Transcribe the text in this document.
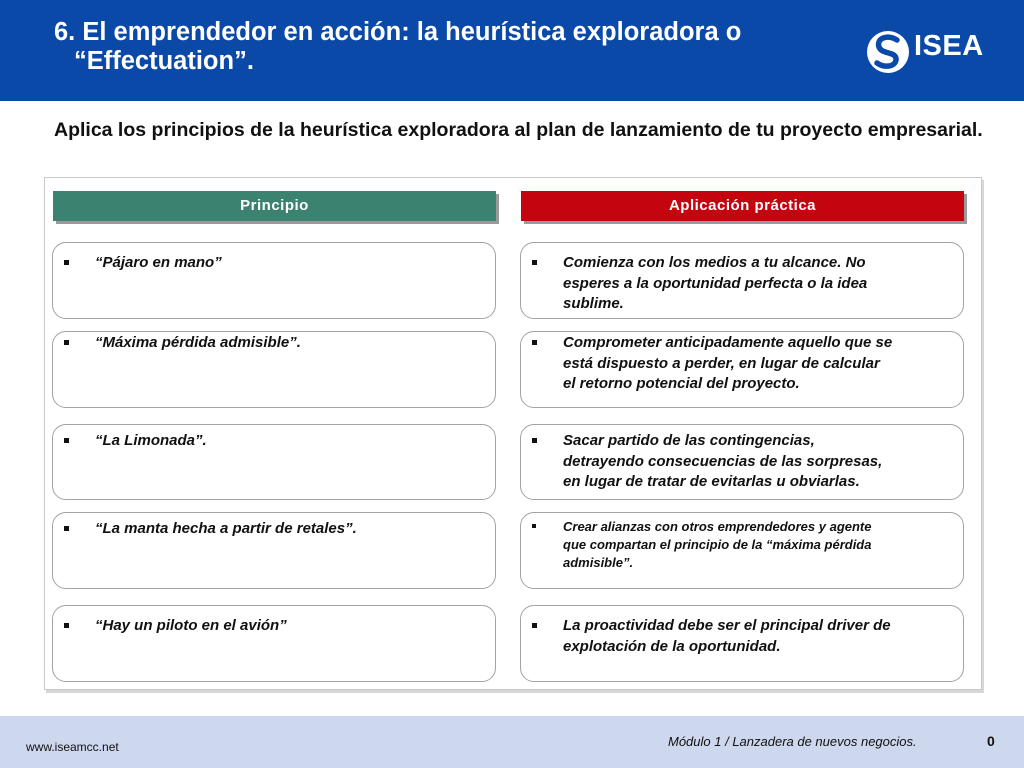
6. El emprendedor en acción: la heurística exploradora o
“Effectuation”.	ISEA
Aplica los principios de la heurística exploradora al plan de lanzamiento de tu proyecto empresarial.
Principio	Aplicación práctica
“Pájaro en mano”	Comienza con los medios a tu alcance. No
esperes a la oportunidad perfecta o la idea
sublime.
“Máxima pérdida admisible”.	Comprometer anticipadamente aquello que se
está dispuesto a perder, en lugar de calcular
el retorno potencial del proyecto.
“La Limonada”.	Sacar partido de las contingencias,
detrayendo consecuencias de las sorpresas,
en lugar de tratar de evitarlas u obviarlas.
“La manta hecha a partir de retales”.	Crear alianzas con otros emprendedores y agente
que compartan el principio de la “máxima pérdida
admisible”.
“Hay un piloto en el avión”	La proactividad debe ser el principal driver de
explotación de la oportunidad.
www.iseamcc.net	Módulo 1 / Lanzadera de nuevos negocios.	0
